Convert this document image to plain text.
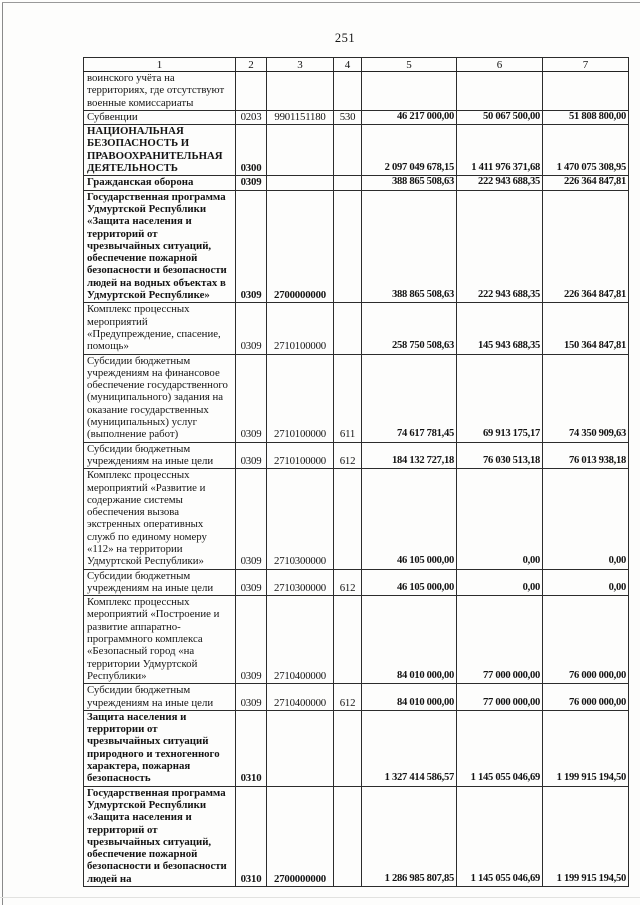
251
1	2	3	4	5	6	7
воинского учёта на территориях, где отсутствуют военные комиссариаты						
Субвенции	0203	9901151180	530	46 217 000,00	50 067 500,00	51 808 800,00
НАЦИОНАЛЬНАЯ БЕЗОПАСНОСТЬ И ПРАВООХРАНИТЕЛЬНАЯ ДЕЯТЕЛЬНОСТЬ	0300			2 097 049 678,15	1 411 976 371,68	1 470 075 308,95
Гражданская оборона	0309			388 865 508,63	222 943 688,35	226 364 847,81
Государственная программа Удмуртской Республики «Защита населения и территорий от чрезвычайных ситуаций, обеспечение пожарной безопасности и безопасности людей на водных объектах в Удмуртской Республике»	0309	2700000000		388 865 508,63	222 943 688,35	226 364 847,81
Комплекс процессных мероприятий «Предупреждение, спасение, помощь»	0309	2710100000		258 750 508,63	145 943 688,35	150 364 847,81
Субсидии бюджетным учреждениям на финансовое обеспечение государственного (муниципального) задания на оказание государственных (муниципальных) услуг (выполнение работ)	0309	2710100000	611	74 617 781,45	69 913 175,17	74 350 909,63
Субсидии бюджетным учреждениям на иные цели	0309	2710100000	612	184 132 727,18	76 030 513,18	76 013 938,18
Комплекс процессных мероприятий «Развитие и содержание системы обеспечения вызова экстренных оперативных служб по единому номеру «112» на территории Удмуртской Республики»	0309	2710300000		46 105 000,00	0,00	0,00
Субсидии бюджетным учреждениям на иные цели	0309	2710300000	612	46 105 000,00	0,00	0,00
Комплекс процессных мероприятий «Построение и развитие аппаратно-программного комплекса «Безопасный город «на территории Удмуртской Республики»	0309	2710400000		84 010 000,00	77 000 000,00	76 000 000,00
Субсидии бюджетным учреждениям на иные цели	0309	2710400000	612	84 010 000,00	77 000 000,00	76 000 000,00
Защита населения и территории от чрезвычайных ситуаций природного и техногенного характера, пожарная безопасность	0310			1 327 414 586,57	1 145 055 046,69	1 199 915 194,50
Государственная программа Удмуртской Республики «Защита населения и территорий от чрезвычайных ситуаций, обеспечение пожарной безопасности и безопасности людей на	0310	2700000000		1 286 985 807,85	1 145 055 046,69	1 199 915 194,50
